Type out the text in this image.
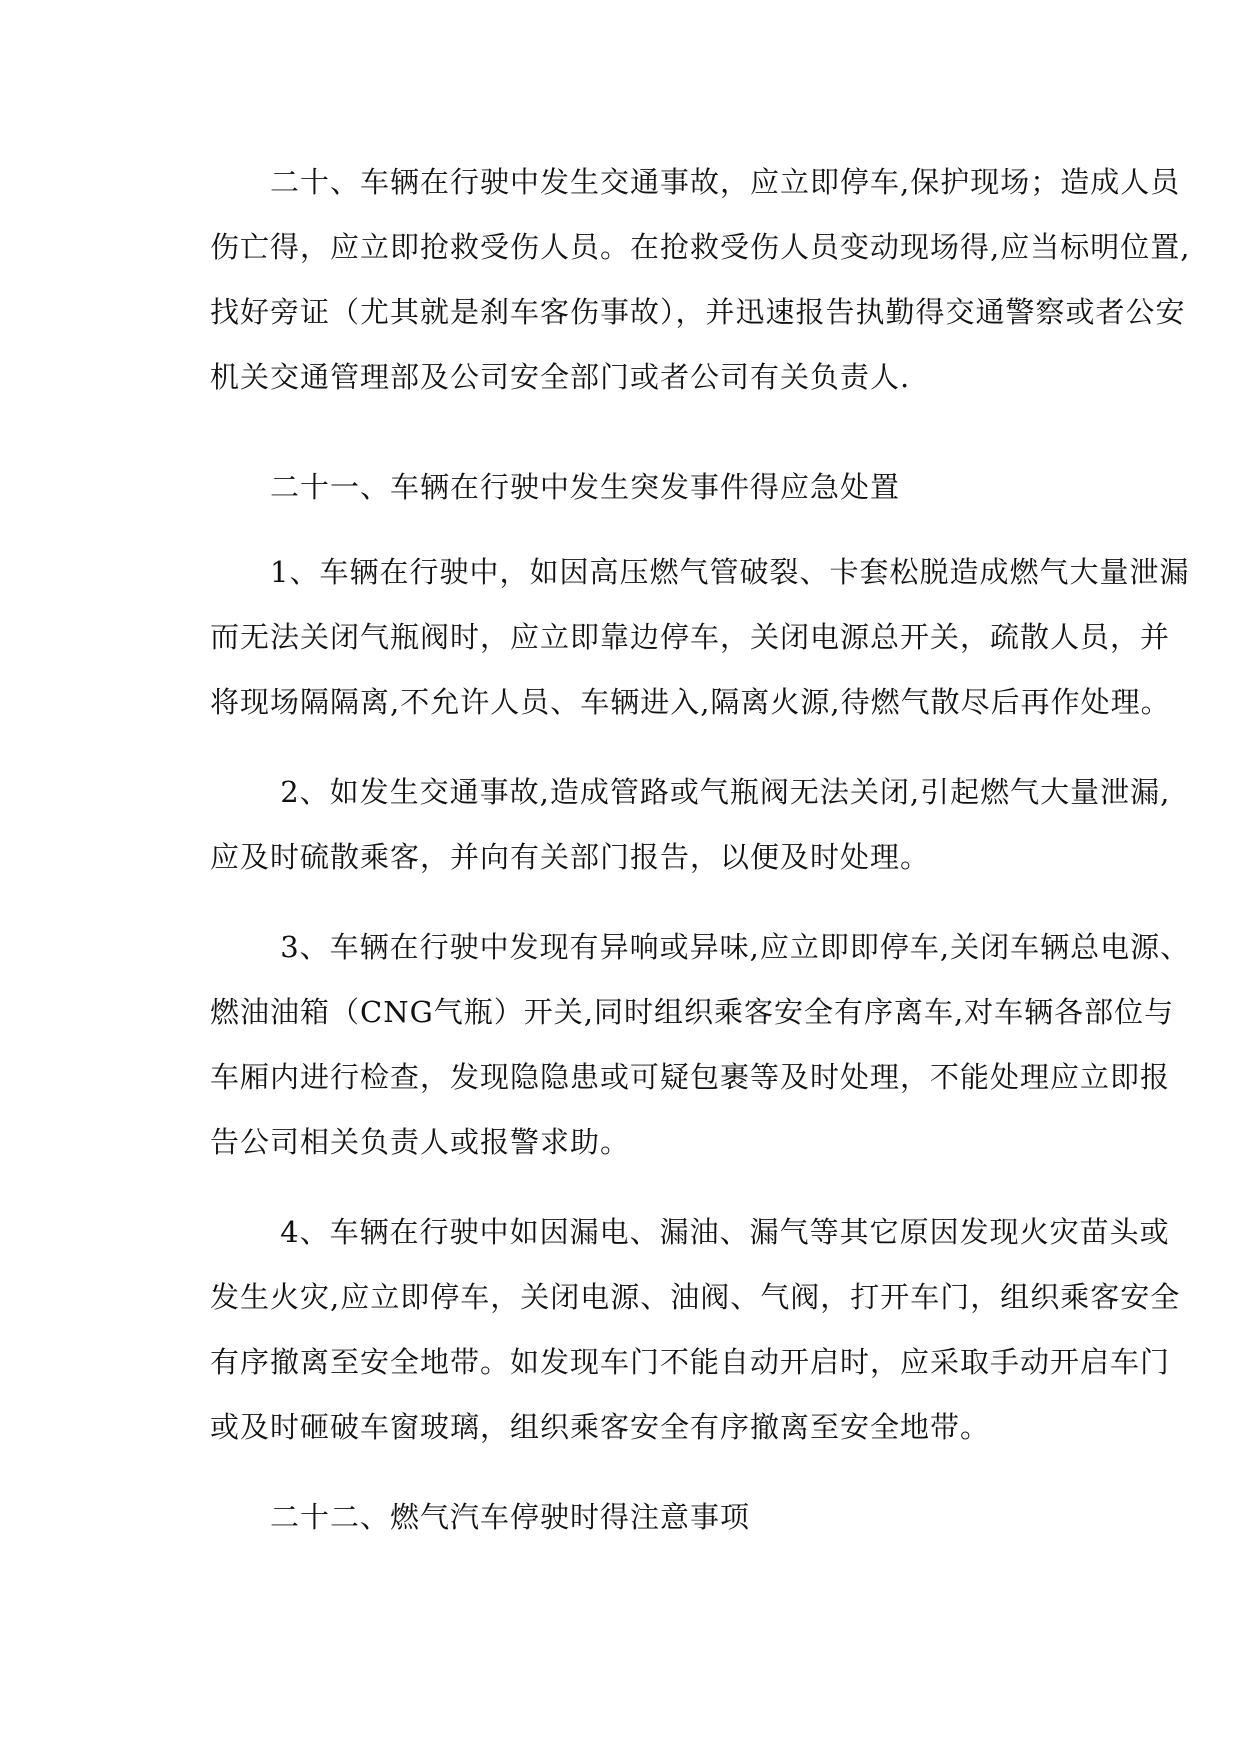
　　二十、车辆在行驶中发生交通事故，应立即停车,保护现场；造成人员
伤亡得，应立即抢救受伤人员。在抢救受伤人员变动现场得,应当标明位置,
找好旁证（尤其就是刹车客伤事故），并迅速报告执勤得交通警察或者公安
机关交通管理部及公司安全部门或者公司有关负责人.
　　二十一、车辆在行驶中发生突发事件得应急处置
　　1、车辆在行驶中，如因高压燃气管破裂、卡套松脱造成燃气大量泄漏
而无法关闭气瓶阀时，应立即靠边停车，关闭电源总开关，疏散人员，并
将现场隔隔离,不允许人员、车辆进入,隔离火源,待燃气散尽后再作处理。
　　 2、如发生交通事故,造成管路或气瓶阀无法关闭,引起燃气大量泄漏,
应及时硫散乘客，并向有关部门报告，以便及时处理。
　　 3、车辆在行驶中发现有异响或异味,应立即即停车,关闭车辆总电源、
燃油油箱（CNG气瓶）开关,同时组织乘客安全有序离车,对车辆各部位与
车厢内进行检查，发现隐隐患或可疑包裹等及时处理，不能处理应立即报
告公司相关负责人或报警求助。
　　 4、车辆在行驶中如因漏电、漏油、漏气等其它原因发现火灾苗头或
发生火灾,应立即停车，关闭电源、油阀、气阀，打开车门，组织乘客安全
有序撤离至安全地带。如发现车门不能自动开启时，应采取手动开启车门
或及时砸破车窗玻璃，组织乘客安全有序撤离至安全地带。
　　二十二、燃气汽车停驶时得注意事项
